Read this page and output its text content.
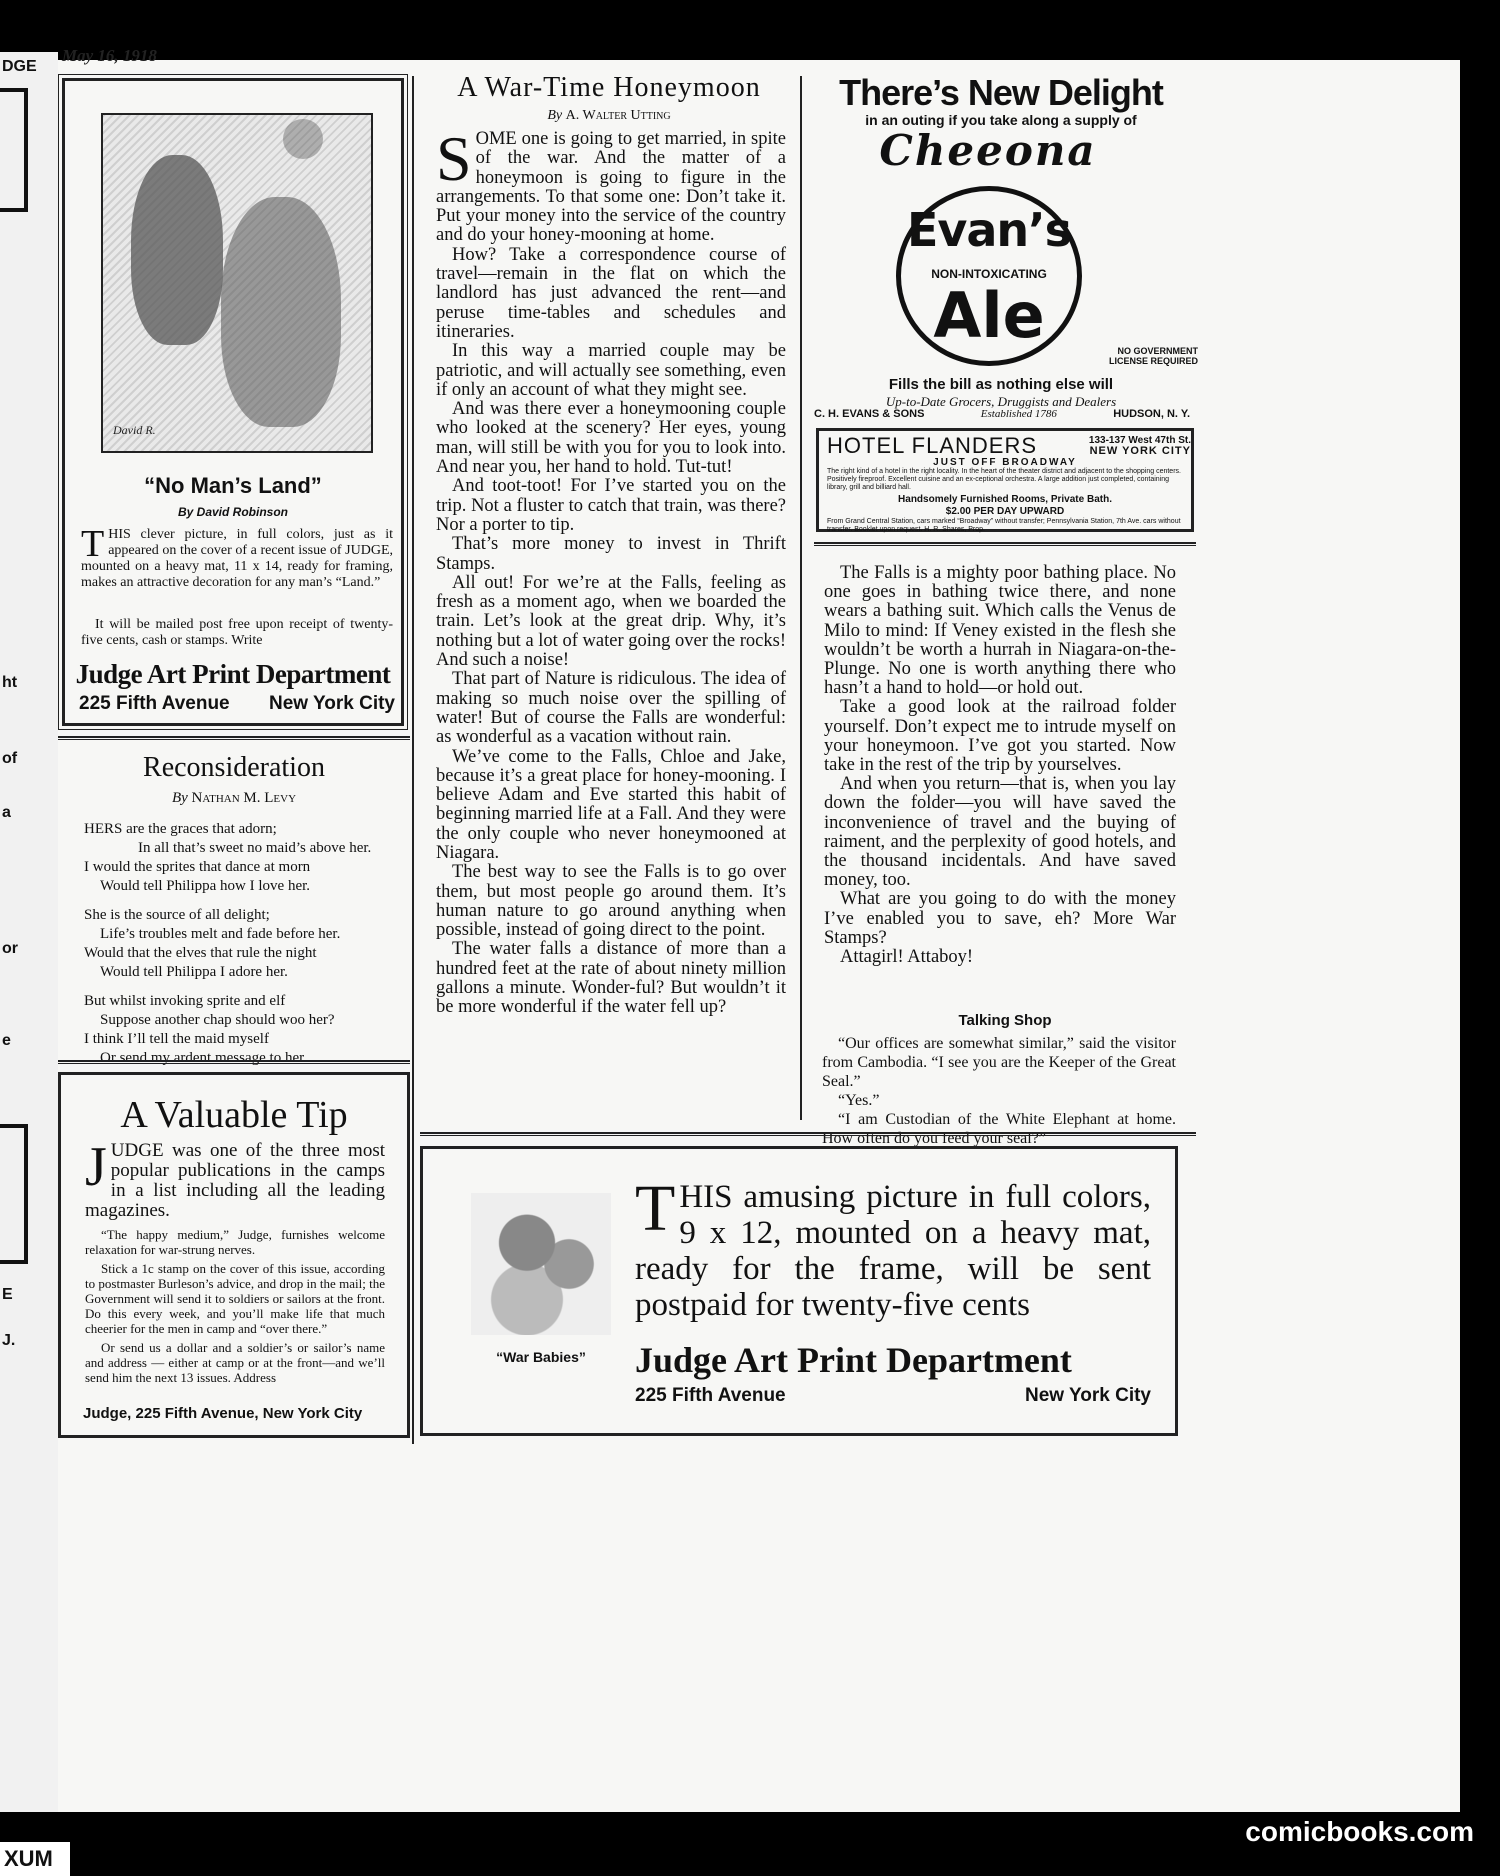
DGE
ht
of
a
or
e
E
J.
May 16, 1918
David R.
“No Man’s Land”
By David Robinson
T HIS clever picture, in full colors, just as it appeared on the cover of a recent issue of JUDGE, mounted on a heavy mat, 11 x 14, ready for framing, makes an attractive decoration for any man’s “Land.”
It will be mailed post free upon receipt of twenty-five cents, cash or stamps. Write
Judge Art Print Department
225 Fifth Avenue New York City
Reconsideration
By Nathan M. Levy

HERS are the graces that adorn;

In all that’s sweet no maid’s above her.

I would the sprites that dance at morn

Would tell Philippa how I love her.

She is the source of all delight;

Life’s troubles melt and fade before her.

Would that the elves that rule the night

Would tell Philippa I adore her.

But whilst invoking sprite and elf

Suppose another chap should woo her?

I think I’ll tell the maid myself

Or send my ardent message to her.

A Valuable Tip
J UDGE was one of the three most popular publications in the camps in a list including all the leading magazines.

“The happy medium,” Judge, furnishes welcome relaxation for war-strung nerves.

Stick a 1c stamp on the cover of this issue, according to postmaster Burleson’s advice, and drop in the mail; the Government will send it to soldiers or sailors at the front. Do this every week, and you’ll make life that much cheerier for the men in camp and “over there.”

Or send us a dollar and a soldier’s or sailor’s name and address — either at camp or at the front—and we’ll send him the next 13 issues. Address

Judge, 225 Fifth Avenue, New York City
A War-Time Honeymoon
By A. Walter Utting
S OME one is going to get married, in spite of the war. And the matter of a honeymoon is going to figure in the arrangements. To that some one: Don’t take it. Put your money into the service of the country and do your honey-mooning at home.

How? Take a correspondence course of travel—remain in the flat on which the landlord has just advanced the rent—and peruse time-tables and schedules and itineraries.

In this way a married couple may be patriotic, and will actually see something, even if only an account of what they might see.

And was there ever a honeymooning couple who looked at the scenery? Her eyes, young man, will still be with you for you to look into. And near you, her hand to hold. Tut-tut!

And toot-toot! For I’ve started you on the trip. Not a fluster to catch that train, was there? Nor a porter to tip.

That’s more money to invest in Thrift Stamps.

All out! For we’re at the Falls, feeling as fresh as a moment ago, when we boarded the train. Let’s look at the great drip. Why, it’s nothing but a lot of water going over the rocks! And such a noise!

That part of Nature is ridiculous. The idea of making so much noise over the spilling of water! But of course the Falls are wonderful: as wonderful as a vacation without rain.

We’ve come to the Falls, Chloe and Jake, because it’s a great place for honey-mooning. I believe Adam and Eve started this habit of beginning married life at a Fall. And they were the only couple who never honeymooned at Niagara.

The best way to see the Falls is to go over them, but most people go around them. It’s human nature to go around anything when possible, instead of going direct to the point.

The water falls a distance of more than a hundred feet at the rate of about ninety million gallons a minute. Wonder-ful? But wouldn’t it be more wonderful if the water fell up?

There’s New Delight
in an outing if you take along a supply of
Cheeona
Evan’s
NON-INTOXICATING
Ale	NO GOVERNMENT LICENSE REQUIRED
Fills the bill as nothing else will
Up-to-Date Grocers, Druggists and Dealers
C. H. EVANS & SONS	Established 1786	HUDSON, N. Y.
HOTEL FLANDERS	133-137 West 47th St.
NEW YORK CITY
JUST OFF BROADWAY
The right kind of a hotel in the right locality. In the heart of the theater district and adjacent to the shopping centers. Positively fireproof. Excellent cuisine and an ex-ceptional orchestra. A large addition just completed, containing library, grill and billiard hall.
Handsomely Furnished Rooms, Private Bath.
$2.00 PER DAY UPWARD
From Grand Central Station, cars marked “Broadway” without transfer; Pennsylvania Station, 7th Ave. cars without transfer. Booklet upon request. H. R. Shares, Prop.

The Falls is a mighty poor bathing place. No one goes in bathing twice there, and none wears a bathing suit. Which calls the Venus de Milo to mind: If Veney existed in the flesh she wouldn’t be worth a hurrah in Niagara-on-the-Plunge. No one is worth anything there who hasn’t a hand to hold—or hold out.

Take a good look at the railroad folder yourself. Don’t expect me to intrude myself on your honeymoon. I’ve got you started. Now take in the rest of the trip by yourselves.

And when you return—that is, when you lay down the folder—you will have saved the inconvenience of travel and the buying of raiment, and the perplexity of good hotels, and the thousand incidentals. And have saved money, too.

What are you going to do with the money I’ve enabled you to save, eh? More War Stamps?

Attagirl! Attaboy!

Talking Shop

“Our offices are somewhat similar,” said the visitor from Cambodia. “I see you are the Keeper of the Great Seal.”

“Yes.”

“I am Custodian of the White Elephant at home. How often do you feed your seal?”

“War Babies”
T HIS amusing picture in full colors, 9 x 12, mounted on a heavy mat, ready for the frame, will be sent postpaid for twenty-five cents
Judge Art Print Department
225 Fifth Avenue	New York City
comicbooks.com
XUM
